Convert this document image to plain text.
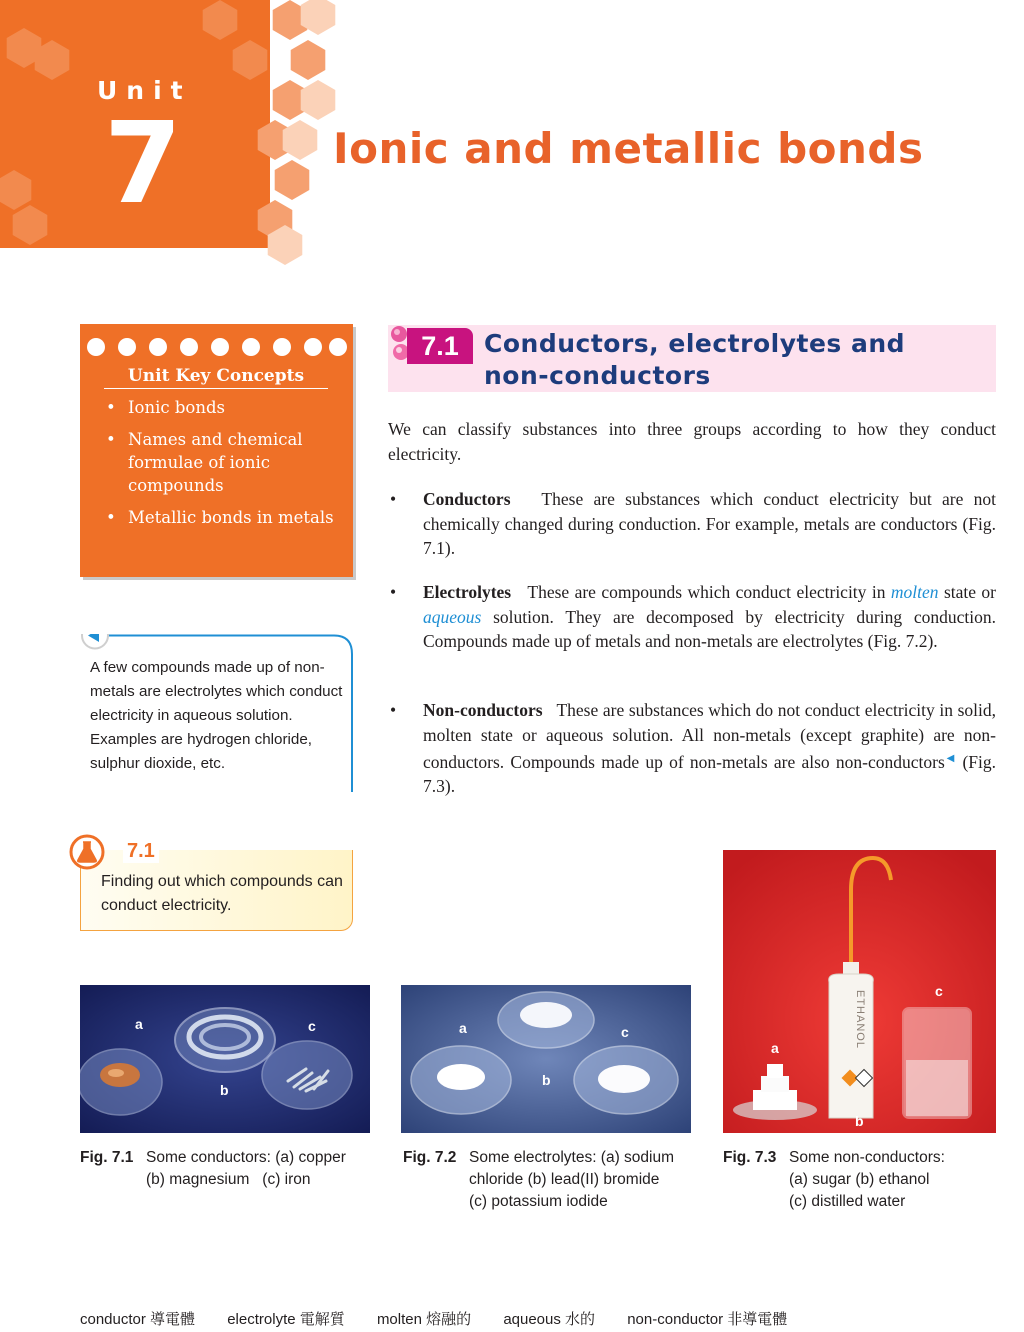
Unit
7	Ionic and metallic bonds
Unit Key Concepts
• Ionic bonds
• Names and chemical formulae of ionic compounds
• Metallic bonds in metals
A few compounds made up of non-metals are electrolytes which conduct electricity in aqueous solution. Examples are hydrogen chloride, sulphur dioxide, etc.
7.1
Finding out which compounds can conduct electricity.
7.1	Conductors, electrolytes and non-conductors
We can classify substances into three groups according to how they conduct electricity.
• Conductors These are substances which conduct electricity but are not chemically changed during conduction. For example, metals are conductors (Fig. 7.1).
• Electrolytes These are compounds which conduct electricity in molten state or aqueous solution. They are decomposed by electricity during conduction. Compounds made up of metals and non-metals are electrolytes (Fig. 7.2).
• Non-conductors These are substances which do not conduct electricity in solid, molten state or aqueous solution. All non-metals (except graphite) are non-conductors. Compounds made up of non-metals are also non-conductors◀ (Fig. 7.3).
a
b
c	a
b
c	ETHANOL
a
b
c
Fig. 7.1 Some conductors: (a) copper
(b) magnesium   (c) iron
Fig. 7.2 Some electrolytes: (a) sodium
chloride (b) lead(II) bromide
(c) potassium iodide
Fig. 7.3 Some non-conductors:
(a) sugar (b) ethanol
(c) distilled water
conductor 導電體 electrolyte 電解質 molten 熔融的 aqueous 水的 non-conductor 非導電體
